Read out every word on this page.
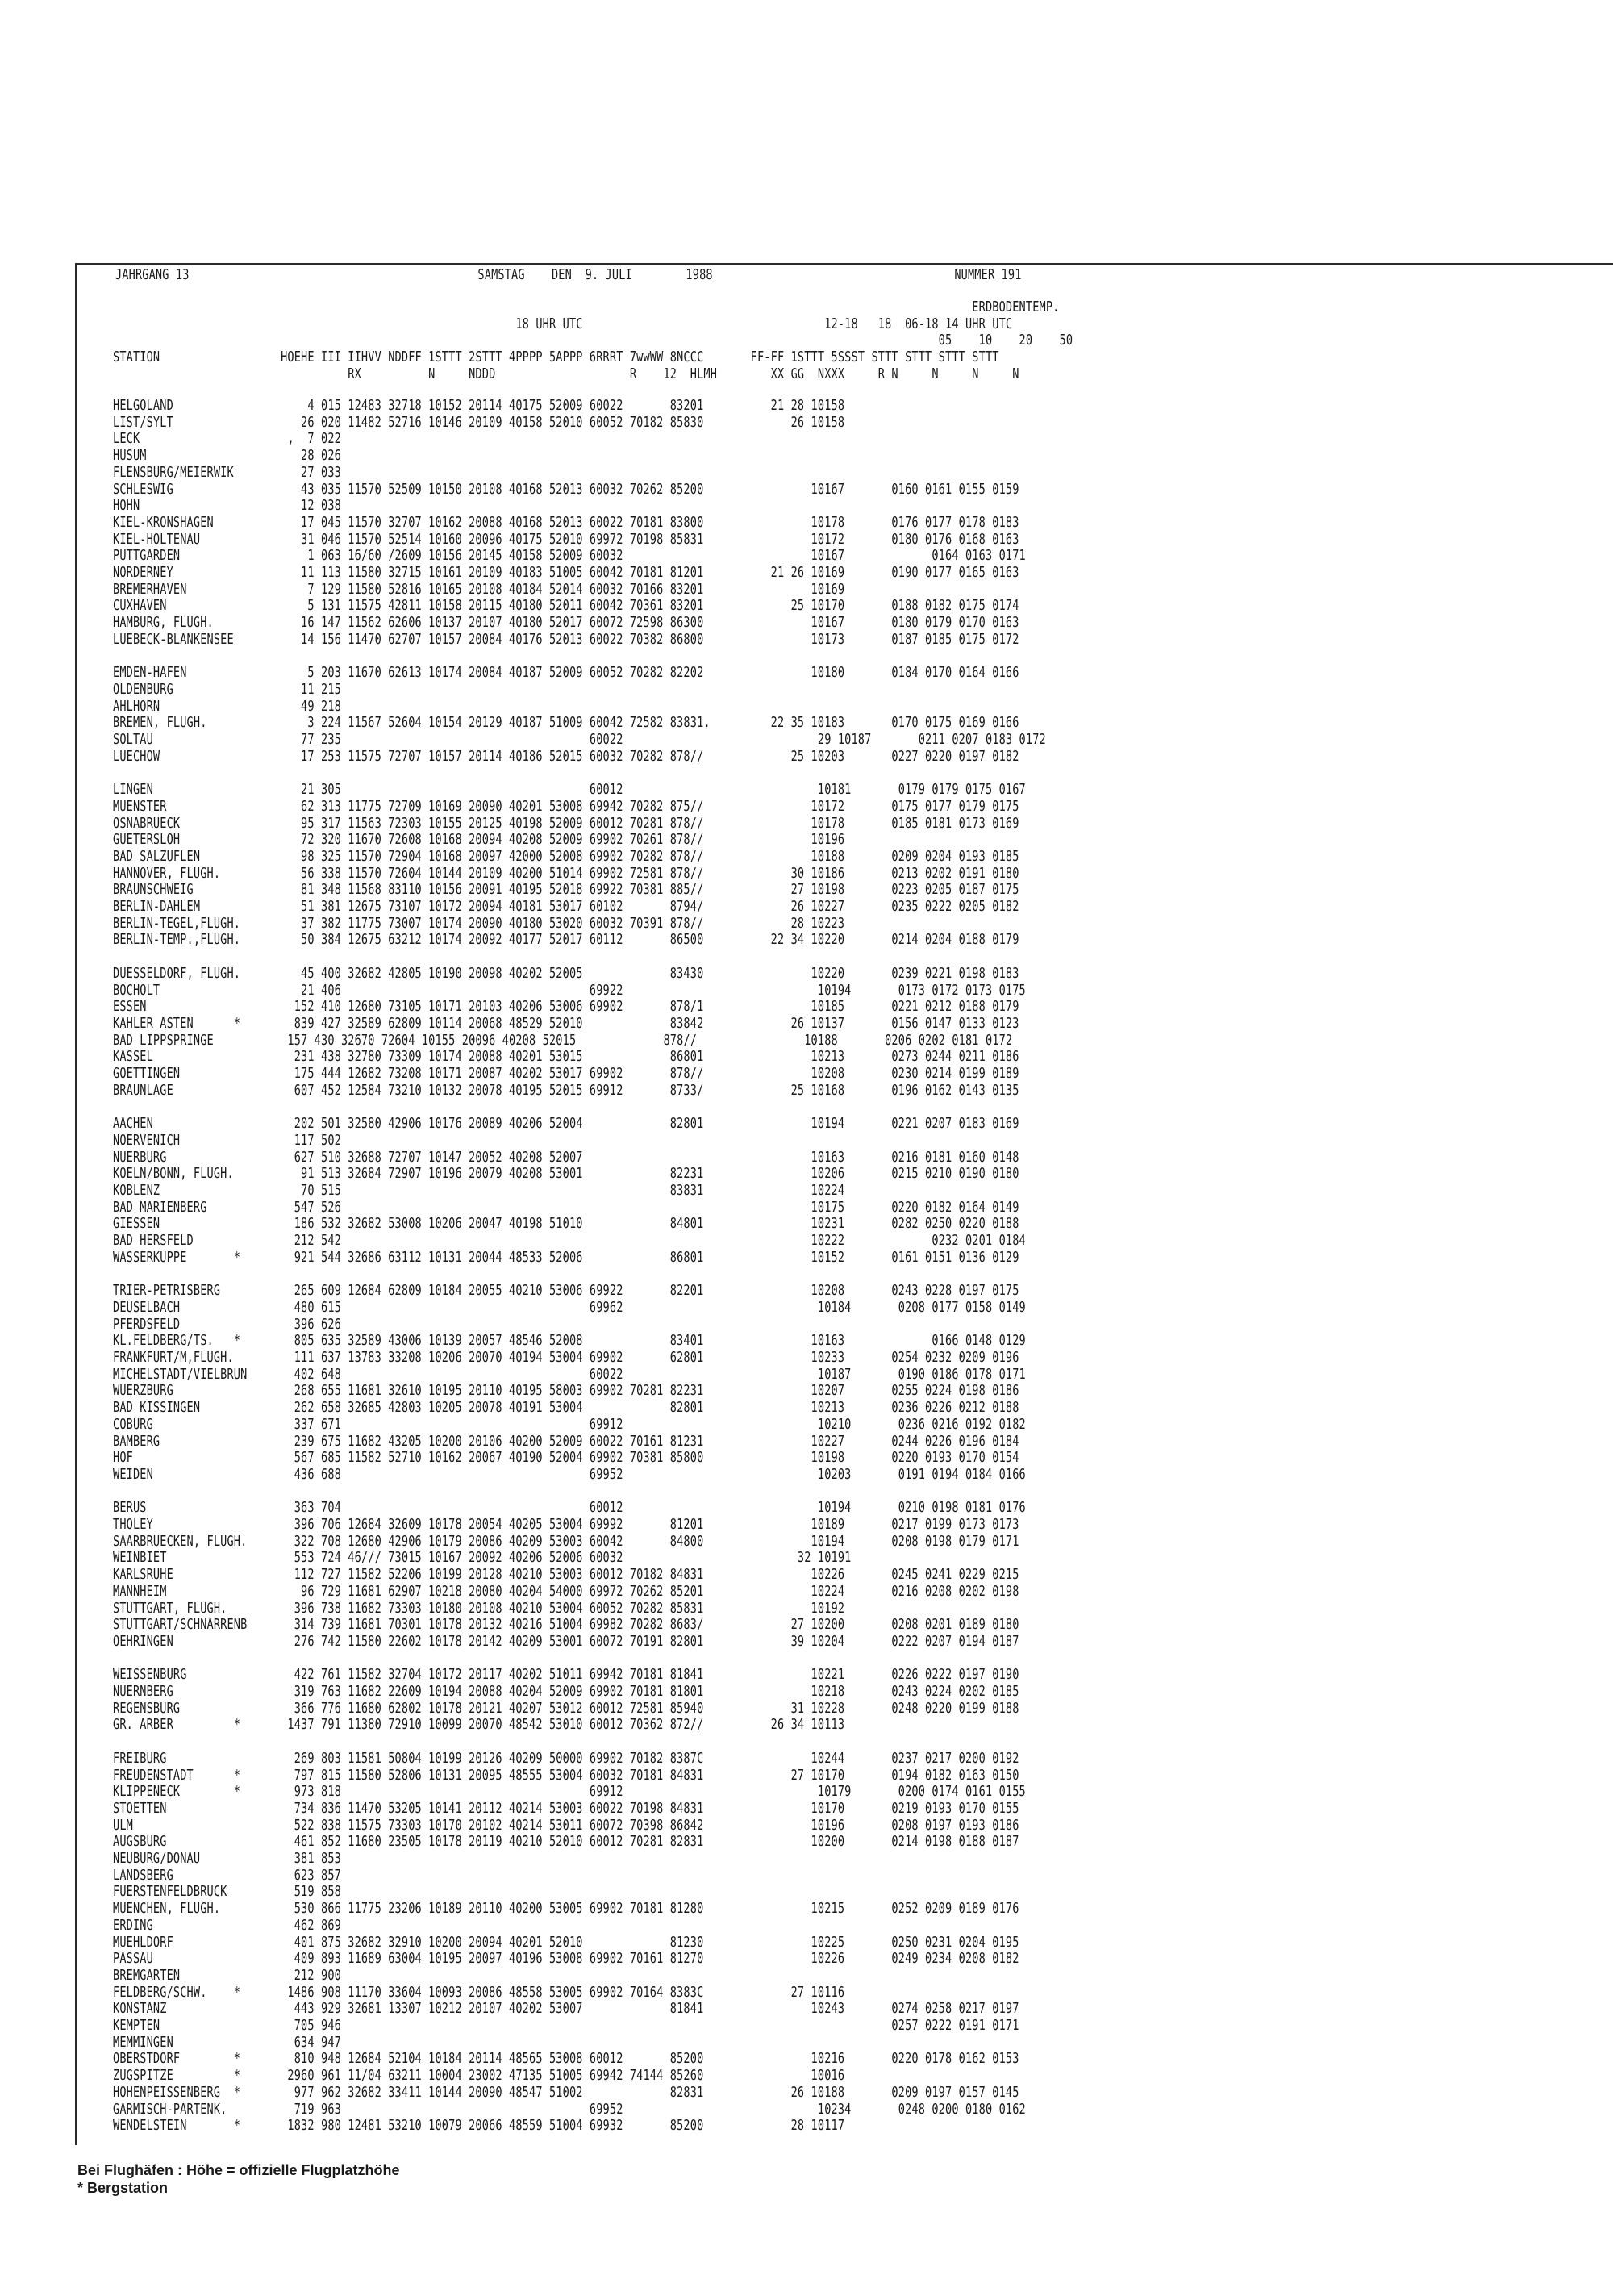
JAHRGANG 13                                           SAMSTAG    DEN  9. JULI        1988                                    NUMMER 191
ERDBODENTEMP.
18 UHR UTC                                    12-18   18  06-18 14 UHR UTC
05    10    20    50
STATION                  HOEHE III IIHVV NDDFF 1STTT 2STTT 4PPPP 5APPP 6RRRT 7wwWW 8NCCC       FF-FF 1STTT 5SSST STTT STTT STTT STTT
RX          N     NDDD                    R    12  HLMH        XX GG  NXXX     R N     N     N     N
HELGOLAND                    4 015 12483 32718 10152 20114 40175 52009 60022       83201          21 28 10158
LIST/SYLT                   26 020 11482 52716 10146 20109 40158 52010 60052 70182 85830             26 10158
LECK                      ,  7 022
HUSUM                       28 026
FLENSBURG/MEIERWIK          27 033
SCHLESWIG                   43 035 11570 52509 10150 20108 40168 52013 60032 70262 85200                10167       0160 0161 0155 0159
HOHN                        12 038
KIEL-KRONSHAGEN             17 045 11570 32707 10162 20088 40168 52013 60022 70181 83800                10178       0176 0177 0178 0183
KIEL-HOLTENAU               31 046 11570 52514 10160 20096 40175 52010 69972 70198 85831                10172       0180 0176 0168 0163
PUTTGARDEN                   1 063 16/60 /2609 10156 20145 40158 52009 60032                            10167             0164 0163 0171
NORDERNEY                   11 113 11580 32715 10161 20109 40183 51005 60042 70181 81201          21 26 10169       0190 0177 0165 0163
BREMERHAVEN                  7 129 11580 52816 10165 20108 40184 52014 60032 70166 83201                10169
CUXHAVEN                     5 131 11575 42811 10158 20115 40180 52011 60042 70361 83201             25 10170       0188 0182 0175 0174
HAMBURG, FLUGH.             16 147 11562 62606 10137 20107 40180 52017 60072 72598 86300                10167       0180 0179 0170 0163
LUEBECK-BLANKENSEE          14 156 11470 62707 10157 20084 40176 52013 60022 70382 86800                10173       0187 0185 0175 0172
EMDEN-HAFEN                  5 203 11670 62613 10174 20084 40187 52009 60052 70282 82202                10180       0184 0170 0164 0166
OLDENBURG                   11 215
AHLHORN                     49 218
BREMEN, FLUGH.               3 224 11567 52604 10154 20129 40187 51009 60042 72582 83831.         22 35 10183       0170 0175 0169 0166
SOLTAU                      77 235                                     60022                             29 10187       0211 0207 0183 0172
LUECHOW                     17 253 11575 72707 10157 20114 40186 52015 60032 70282 878//             25 10203       0227 0220 0197 0182
LINGEN                      21 305                                     60012                             10181       0179 0179 0175 0167
MUENSTER                    62 313 11775 72709 10169 20090 40201 53008 69942 70282 875//                10172       0175 0177 0179 0175
OSNABRUECK                  95 317 11563 72303 10155 20125 40198 52009 60012 70281 878//                10178       0185 0181 0173 0169
GUETERSLOH                  72 320 11670 72608 10168 20094 40208 52009 69902 70261 878//                10196
BAD SALZUFLEN               98 325 11570 72904 10168 20097 42000 52008 69902 70282 878//                10188       0209 0204 0193 0185
HANNOVER, FLUGH.            56 338 11570 72604 10144 20109 40200 51014 69902 72581 878//             30 10186       0213 0202 0191 0180
BRAUNSCHWEIG                81 348 11568 83110 10156 20091 40195 52018 69922 70381 885//             27 10198       0223 0205 0187 0175
BERLIN-DAHLEM               51 381 12675 73107 10172 20094 40181 53017 60102       8794/             26 10227       0235 0222 0205 0182
BERLIN-TEGEL,FLUGH.         37 382 11775 73007 10174 20090 40180 53020 60032 70391 878//             28 10223
BERLIN-TEMP.,FLUGH.         50 384 12675 63212 10174 20092 40177 52017 60112       86500          22 34 10220       0214 0204 0188 0179
DUESSELDORF, FLUGH.         45 400 32682 42805 10190 20098 40202 52005             83430                10220       0239 0221 0198 0183
BOCHOLT                     21 406                                     69922                             10194       0173 0172 0173 0175
ESSEN                      152 410 12680 73105 10171 20103 40206 53006 69902       878/1                10185       0221 0212 0188 0179
KAHLER ASTEN      *        839 427 32589 62809 10114 20068 48529 52010             83842             26 10137       0156 0147 0133 0123
BAD LIPPSPRINGE           157 430 32670 72604 10155 20096 40208 52015             878//                10188       0206 0202 0181 0172
KASSEL                     231 438 32780 73309 10174 20088 40201 53015             86801                10213       0273 0244 0211 0186
GOETTINGEN                 175 444 12682 73208 10171 20087 40202 53017 69902       878//                10208       0230 0214 0199 0189
BRAUNLAGE                  607 452 12584 73210 10132 20078 40195 52015 69912       8733/             25 10168       0196 0162 0143 0135
AACHEN                     202 501 32580 42906 10176 20089 40206 52004             82801                10194       0221 0207 0183 0169
NOERVENICH                 117 502
NUERBURG                   627 510 32688 72707 10147 20052 40208 52007                                  10163       0216 0181 0160 0148
KOELN/BONN, FLUGH.          91 513 32684 72907 10196 20079 40208 53001             82231                10206       0215 0210 0190 0180
KOBLENZ                     70 515                                                 83831                10224
BAD MARIENBERG             547 526                                                                      10175       0220 0182 0164 0149
GIESSEN                    186 532 32682 53008 10206 20047 40198 51010             84801                10231       0282 0250 0220 0188
BAD HERSFELD               212 542                                                                      10222             0232 0201 0184
WASSERKUPPE       *        921 544 32686 63112 10131 20044 48533 52006             86801                10152       0161 0151 0136 0129
TRIER-PETRISBERG           265 609 12684 62809 10184 20055 40210 53006 69922       82201                10208       0243 0228 0197 0175
DEUSELBACH                 480 615                                     69962                             10184       0208 0177 0158 0149
PFERDSFELD                 396 626
KL.FELDBERG/TS.   *        805 635 32589 43006 10139 20057 48546 52008             83401                10163             0166 0148 0129
FRANKFURT/M,FLUGH.         111 637 13783 33208 10206 20070 40194 53004 69902       62801                10233       0254 0232 0209 0196
MICHELSTADT/VIELBRUN       402 648                                     60022                             10187       0190 0186 0178 0171
WUERZBURG                  268 655 11681 32610 10195 20110 40195 58003 69902 70281 82231                10207       0255 0224 0198 0186
BAD KISSINGEN              262 658 32685 42803 10205 20078 40191 53004             82801                10213       0236 0226 0212 0188
COBURG                     337 671                                     69912                             10210       0236 0216 0192 0182
BAMBERG                    239 675 11682 43205 10200 20106 40200 52009 60022 70161 81231                10227       0244 0226 0196 0184
HOF                        567 685 11582 52710 10162 20067 40190 52004 69902 70381 85800                10198       0220 0193 0170 0154
WEIDEN                     436 688                                     69952                             10203       0191 0194 0184 0166
BERUS                      363 704                                     60012                             10194       0210 0198 0181 0176
THOLEY                     396 706 12684 32609 10178 20054 40205 53004 69992       81201                10189       0217 0199 0173 0173
SAARBRUECKEN, FLUGH.       322 708 12680 42906 10179 20086 40209 53003 60042       84800                10194       0208 0198 0179 0171
WEINBIET                   553 724 46/// 73015 10167 20092 40206 52006 60032                          32 10191
KARLSRUHE                  112 727 11582 52206 10199 20128 40210 53003 60012 70182 84831                10226       0245 0241 0229 0215
MANNHEIM                    96 729 11681 62907 10218 20080 40204 54000 69972 70262 85201                10224       0216 0208 0202 0198
STUTTGART, FLUGH.          396 738 11682 73303 10180 20108 40210 53004 60052 70282 85831                10192
STUTTGART/SCHNARRENB       314 739 11681 70301 10178 20132 40216 51004 69982 70282 8683/             27 10200       0208 0201 0189 0180
OEHRINGEN                  276 742 11580 22602 10178 20142 40209 53001 60072 70191 82801             39 10204       0222 0207 0194 0187
WEISSENBURG                422 761 11582 32704 10172 20117 40202 51011 69942 70181 81841                10221       0226 0222 0197 0190
NUERNBERG                  319 763 11682 22609 10194 20088 40204 52009 69902 70181 81801                10218       0243 0224 0202 0185
REGENSBURG                 366 776 11680 62802 10178 20121 40207 53012 60012 72581 85940             31 10228       0248 0220 0199 0188
GR. ARBER         *       1437 791 11380 72910 10099 20070 48542 53010 60012 70362 872//          26 34 10113
FREIBURG                   269 803 11581 50804 10199 20126 40209 50000 69902 70182 8387C                10244       0237 0217 0200 0192
FREUDENSTADT      *        797 815 11580 52806 10131 20095 48555 53004 60032 70181 84831             27 10170       0194 0182 0163 0150
KLIPPENECK        *        973 818                                     69912                             10179       0200 0174 0161 0155
STOETTEN                   734 836 11470 53205 10141 20112 40214 53003 60022 70198 84831                10170       0219 0193 0170 0155
ULM                        522 838 11575 73303 10170 20102 40214 53011 60072 70398 86842                10196       0208 0197 0193 0186
AUGSBURG                   461 852 11680 23505 10178 20119 40210 52010 60012 70281 82831                10200       0214 0198 0188 0187
NEUBURG/DONAU              381 853
LANDSBERG                  623 857
FUERSTENFELDBRUCK          519 858
MUENCHEN, FLUGH.           530 866 11775 23206 10189 20110 40200 53005 69902 70181 81280                10215       0252 0209 0189 0176
ERDING                     462 869
MUEHLDORF                  401 875 32682 32910 10200 20094 40201 52010             81230                10225       0250 0231 0204 0195
PASSAU                     409 893 11689 63004 10195 20097 40196 53008 69902 70161 81270                10226       0249 0234 0208 0182
BREMGARTEN                 212 900
FELDBERG/SCHW.    *       1486 908 11170 33604 10093 20086 48558 53005 69902 70164 8383C             27 10116
KONSTANZ                   443 929 32681 13307 10212 20107 40202 53007             81841                10243       0274 0258 0217 0197
KEMPTEN                    705 946                                                                                  0257 0222 0191 0171
MEMMINGEN                  634 947
OBERSTDORF        *        810 948 12684 52104 10184 20114 48565 53008 60012       85200                10216       0220 0178 0162 0153
ZUGSPITZE         *       2960 961 11/04 63211 10004 23002 47135 51005 69942 74144 85260                10016
HOHENPEISSENBERG  *        977 962 32682 33411 10144 20090 48547 51002             82831             26 10188       0209 0197 0157 0145
GARMISCH-PARTENK.          719 963                                     69952                             10234       0248 0200 0180 0162
WENDELSTEIN       *       1832 980 12481 53210 10079 20066 48559 51004 69932       85200             28 10117
Bei Flughäfen : Höhe = offizielle Flugplatzhöhe
* Bergstation
